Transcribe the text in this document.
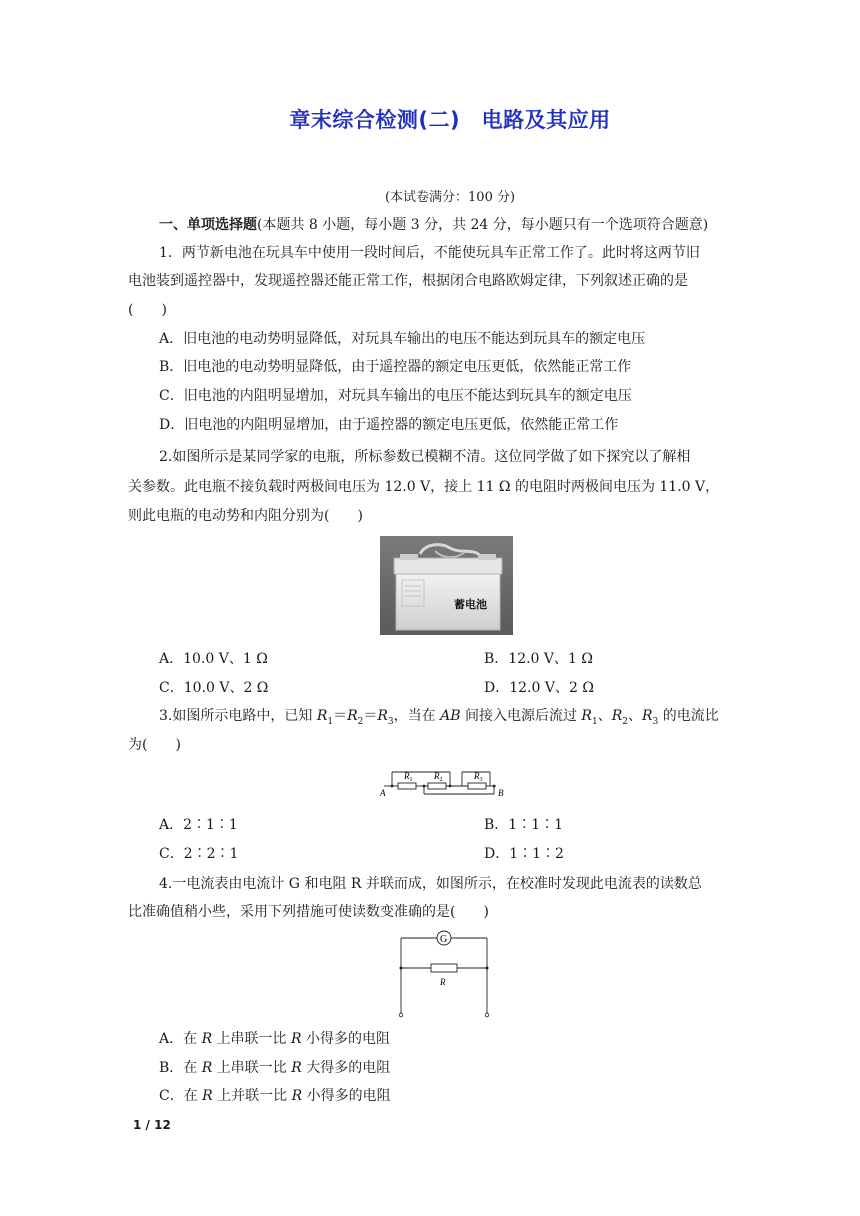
章末综合检测(二)　电路及其应用
(本试卷满分：100 分)
一、单项选择题(本题共 8 小题，每小题 3 分，共 24 分，每小题只有一个选项符合题意)
1．两节新电池在玩具车中使用一段时间后，不能使玩具车正常工作了。此时将这两节旧
电池装到遥控器中，发现遥控器还能正常工作，根据闭合电路欧姆定律，下列叙述正确的是
(　　)
A．旧电池的电动势明显降低，对玩具车输出的电压不能达到玩具车的额定电压
B．旧电池的电动势明显降低，由于遥控器的额定电压更低，依然能正常工作
C．旧电池的内阻明显增加，对玩具车输出的电压不能达到玩具车的额定电压
D．旧电池的内阻明显增加，由于遥控器的额定电压更低，依然能正常工作
2.如图所示是某同学家的电瓶，所标参数已模糊不清。这位同学做了如下探究以了解相
关参数。此电瓶不接负载时两极间电压为 12.0 V，接上 11 Ω 的电阻时两极间电压为 11.0 V，
则此电瓶的电动势和内阻分别为(　　)
蓄电池
A．10.0 V、1 Ω	B．12.0 V、1 Ω
C．10.0 V、2 Ω	D．12.0 V、2 Ω
3.如图所示电路中，已知 $R_1=R_2=R_3$，当在 AB 间接入电源后流过 $R_1$、$R_2$、$R_3$ 的电流比
为(　　)
$R_1$ $R_2$	$R_3$
A	B
A．2∶1∶1	B．1∶1∶1
C．2∶2∶1	D．1∶1∶2
4.一电流表由电流计 G 和电阻 R 并联而成，如图所示，在校准时发现此电流表的读数总
比准确值稍小些，采用下列措施可使读数变准确的是(　　)
G
R
A．在 R 上串联一比 R 小得多的电阻
B．在 R 上串联一比 R 大得多的电阻
C．在 R 上并联一比 R 小得多的电阻
1 / 12
